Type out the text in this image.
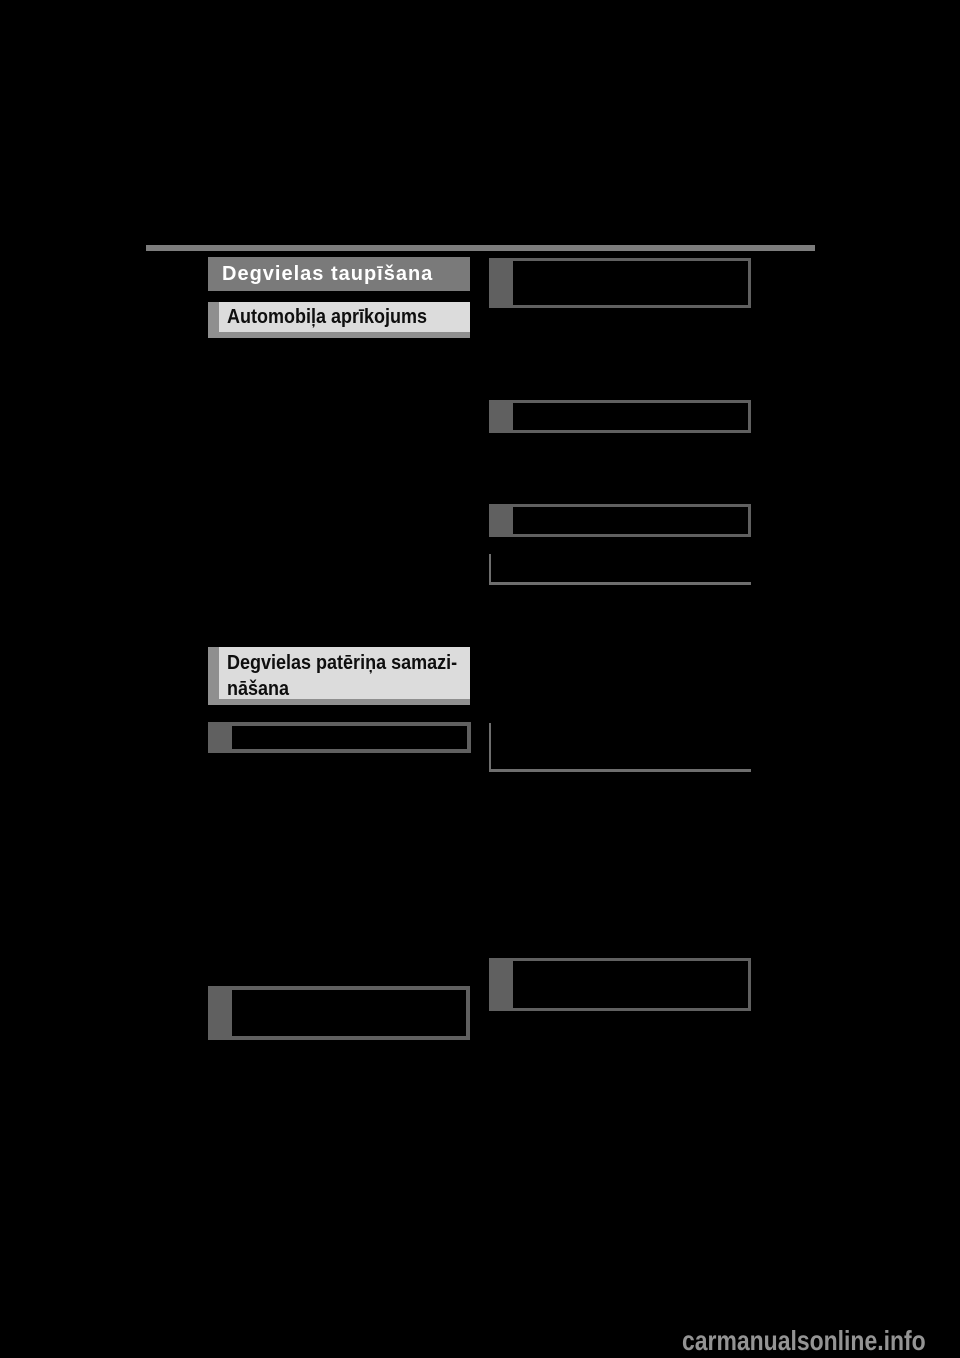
Degvielas taupīšana
Automobiļa aprīkojums
Degvielas patēriņa samazi-
nāšana
carmanualsonline.info
